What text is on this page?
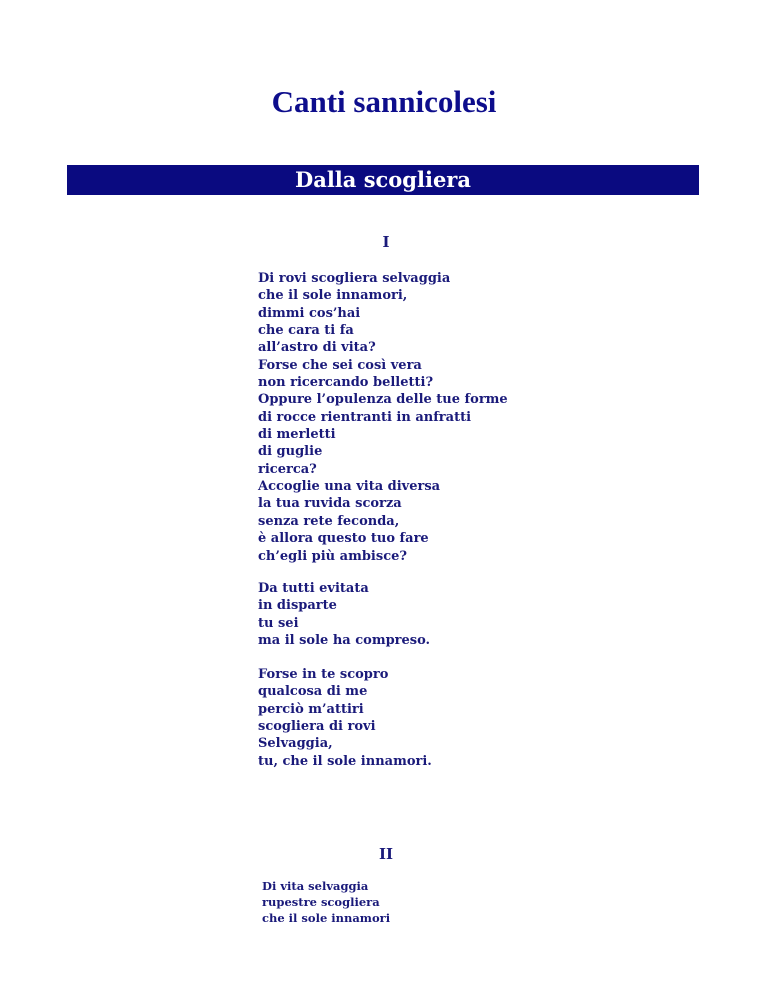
Canti sannicolesi
Dalla scogliera
I
Di rovi scogliera selvaggia
che il sole innamori,
dimmi cos’hai
che cara ti fa
all’astro di vita?
Forse che sei così vera
non ricercando belletti?
Oppure l’opulenza delle tue forme
di rocce rientranti in anfratti
di merletti
di guglie
ricerca?
Accoglie una vita diversa
la tua ruvida scorza
senza rete feconda,
è allora questo tuo fare
ch’egli più ambisce?
Da tutti evitata
in disparte
tu sei
ma il sole ha compreso.
Forse in te scopro
qualcosa di me
perciò m’attiri
scogliera di rovi
Selvaggia,
tu, che il sole innamori.
II
Di vita selvaggia
rupestre scogliera
che il sole innamori
